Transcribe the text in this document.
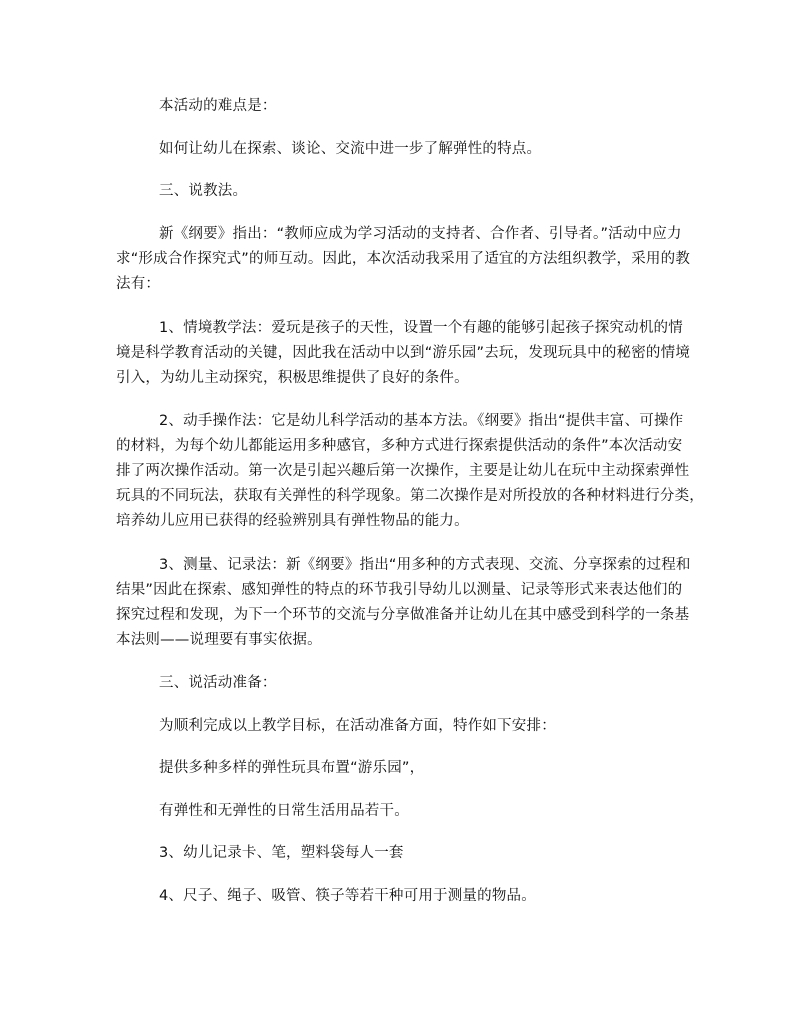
本活动的难点是：
如何让幼儿在探索、谈论、交流中进一步了解弹性的特点。
三、说教法。
新《纲要》指出：“教师应成为学习活动的支持者、合作者、引导者。”活动中应力
求“形成合作探究式”的师互动。因此，本次活动我采用了适宜的方法组织教学，采用的教
法有：
1、情境教学法：爱玩是孩子的天性，设置一个有趣的能够引起孩子探究动机的情
境是科学教育活动的关键，因此我在活动中以到“游乐园”去玩，发现玩具中的秘密的情境
引入，为幼儿主动探究，积极思维提供了良好的条件。
2、动手操作法：它是幼儿科学活动的基本方法。《纲要》指出“提供丰富、可操作
的材料，为每个幼儿都能运用多种感官，多种方式进行探索提供活动的条件”本次活动安
排了两次操作活动。第一次是引起兴趣后第一次操作，主要是让幼儿在玩中主动探索弹性
玩具的不同玩法，获取有关弹性的科学现象。第二次操作是对所投放的各种材料进行分类，
培养幼儿应用已获得的经验辨别具有弹性物品的能力。
3、测量、记录法：新《纲要》指出“用多种的方式表现、交流、分享探索的过程和
结果”因此在探索、感知弹性的特点的环节我引导幼儿以测量、记录等形式来表达他们的
探究过程和发现，为下一个环节的交流与分享做准备并让幼儿在其中感受到科学的一条基
本法则——说理要有事实依据。
三、说活动准备：
为顺利完成以上教学目标，在活动准备方面，特作如下安排：
提供多种多样的弹性玩具布置“游乐园”，
有弹性和无弹性的日常生活用品若干。
3、幼儿记录卡、笔，塑料袋每人一套
4、尺子、绳子、吸管、筷子等若干种可用于测量的物品。
